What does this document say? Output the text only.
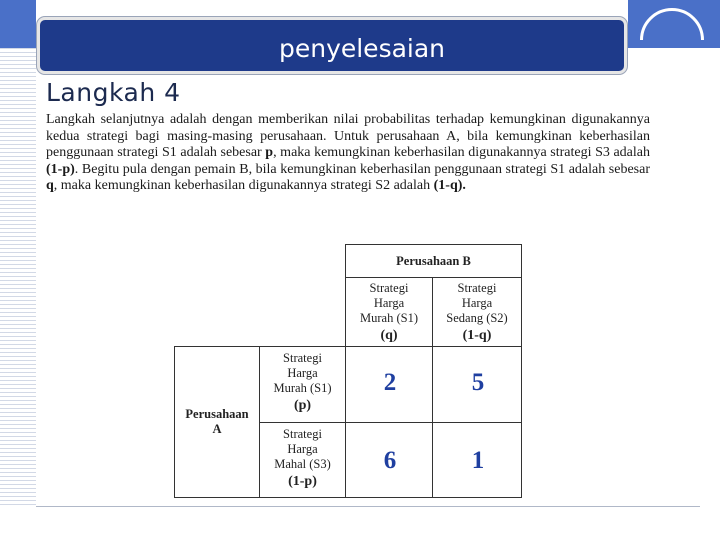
penyelesaian
Langkah 4
Langkah selanjutnya adalah dengan memberikan nilai probabilitas terhadap kemungkinan digunakannya kedua strategi bagi masing-masing perusahaan. Untuk perusahaan A, bila kemungkinan keberhasilan penggunaan strategi S1 adalah sebesar p, maka kemungkinan keberhasilan digunakannya strategi S3 adalah (1-p). Begitu pula dengan pemain B, bila kemungkinan keberhasilan penggunaan strategi S1 adalah sebesar q, maka kemungkinan keberhasilan digunakannya strategi S2 adalah (1-q).
Perusahaan B
Strategi
Harga
Murah (S1)
(q)
Strategi
Harga
Sedang (S2)
(1-q)
Perusahaan
A
Strategi
Harga
Murah (S1)
(p)
Strategi
Harga
Mahal (S3)
(1-p)
2	5
6	1
